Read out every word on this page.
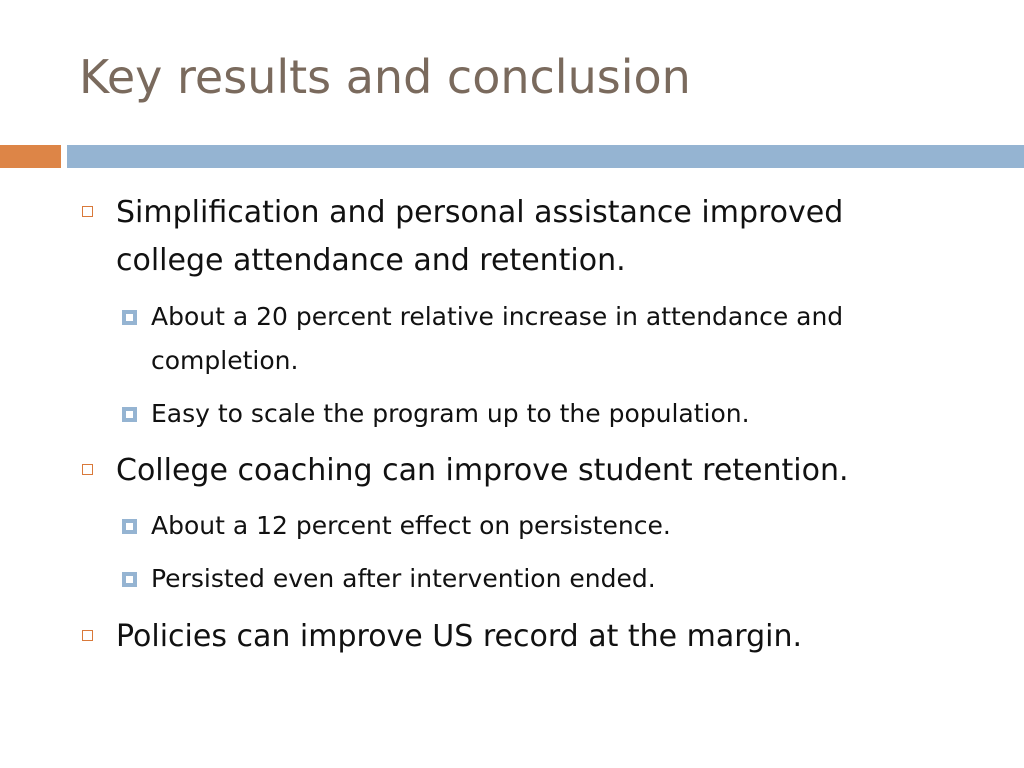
Key results and conclusion
Simplification and personal assistance improved
college attendance and retention.
About a 20 percent relative increase in attendance and
completion.
Easy to scale the program up to the population.
College coaching can improve student retention.
About a 12 percent effect on persistence.
Persisted even after intervention ended.
Policies can improve US record at the margin.
